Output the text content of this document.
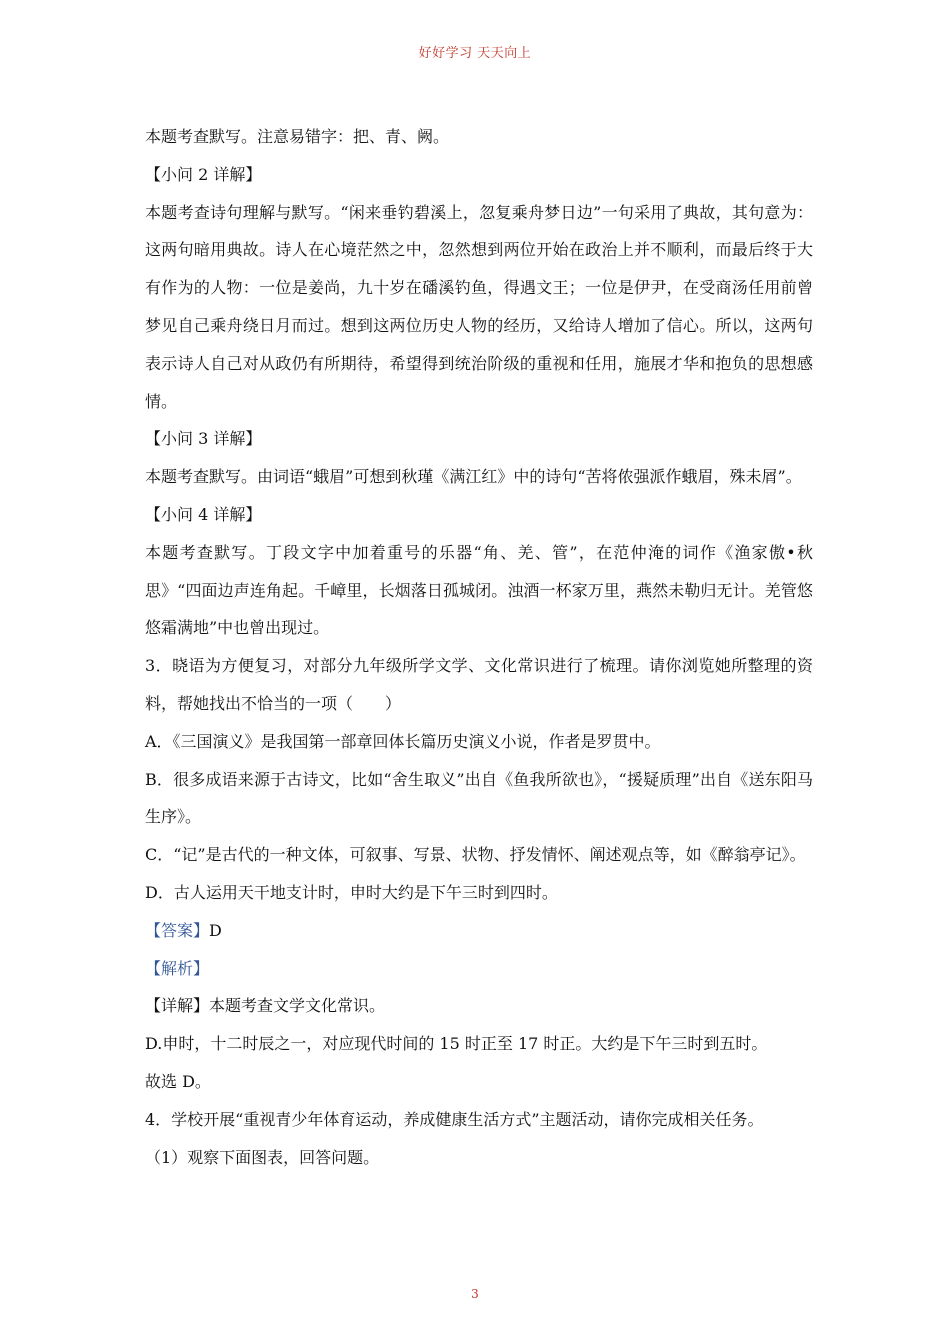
好好学习 天天向上

本题考查默写。注意易错字：把、青、阙。

【小问 2 详解】

本题考查诗句理解与默写。“闲来垂钓碧溪上，忽复乘舟梦日边”一句采用了典故，其句意为：这两句暗用典故。诗人在心境茫然之中，忽然想到两位开始在政治上并不顺利，而最后终于大有作为的人物：一位是姜尚，九十岁在磻溪钓鱼，得遇文王；一位是伊尹，在受商汤任用前曾梦见自己乘舟绕日月而过。想到这两位历史人物的经历，又给诗人增加了信心。所以，这两句表示诗人自己对从政仍有所期待，希望得到统治阶级的重视和任用，施展才华和抱负的思想感情。

【小问 3 详解】

本题考查默写。由词语“蛾眉”可想到秋瑾《满江红》中的诗句“苦将侬强派作蛾眉，殊未屑”。

【小问 4 详解】

本题考查默写。丁段文字中加着重号的乐器“角、羌、管”，在范仲淹的词作《渔家傲•秋思》“四面边声连角起。千嶂里，长烟落日孤城闭。浊酒一杯家万里，燕然未勒归无计。羌管悠悠霜满地”中也曾出现过。

3．晓语为方便复习，对部分九年级所学文学、文化常识进行了梳理。请你浏览她所整理的资料，帮她找出不恰当的一项（　　）

A．《三国演义》是我国第一部章回体长篇历史演义小说，作者是罗贯中。

B．很多成语来源于古诗文，比如“舍生取义”出自《鱼我所欲也》，“援疑质理”出自《送东阳马生序》。

C．“记”是古代的一种文体，可叙事、写景、状物、抒发情怀、阐述观点等，如《醉翁亭记》。

D．古人运用天干地支计时，申时大约是下午三时到四时。

【答案】D

【解析】

【详解】本题考查文学文化常识。

D.申时，十二时辰之一，对应现代时间的 15 时正至 17 时正。大约是下午三时到五时。

故选 D。

4．学校开展“重视青少年体育运动，养成健康生活方式”主题活动，请你完成相关任务。

（1）观察下面图表，回答问题。

3
